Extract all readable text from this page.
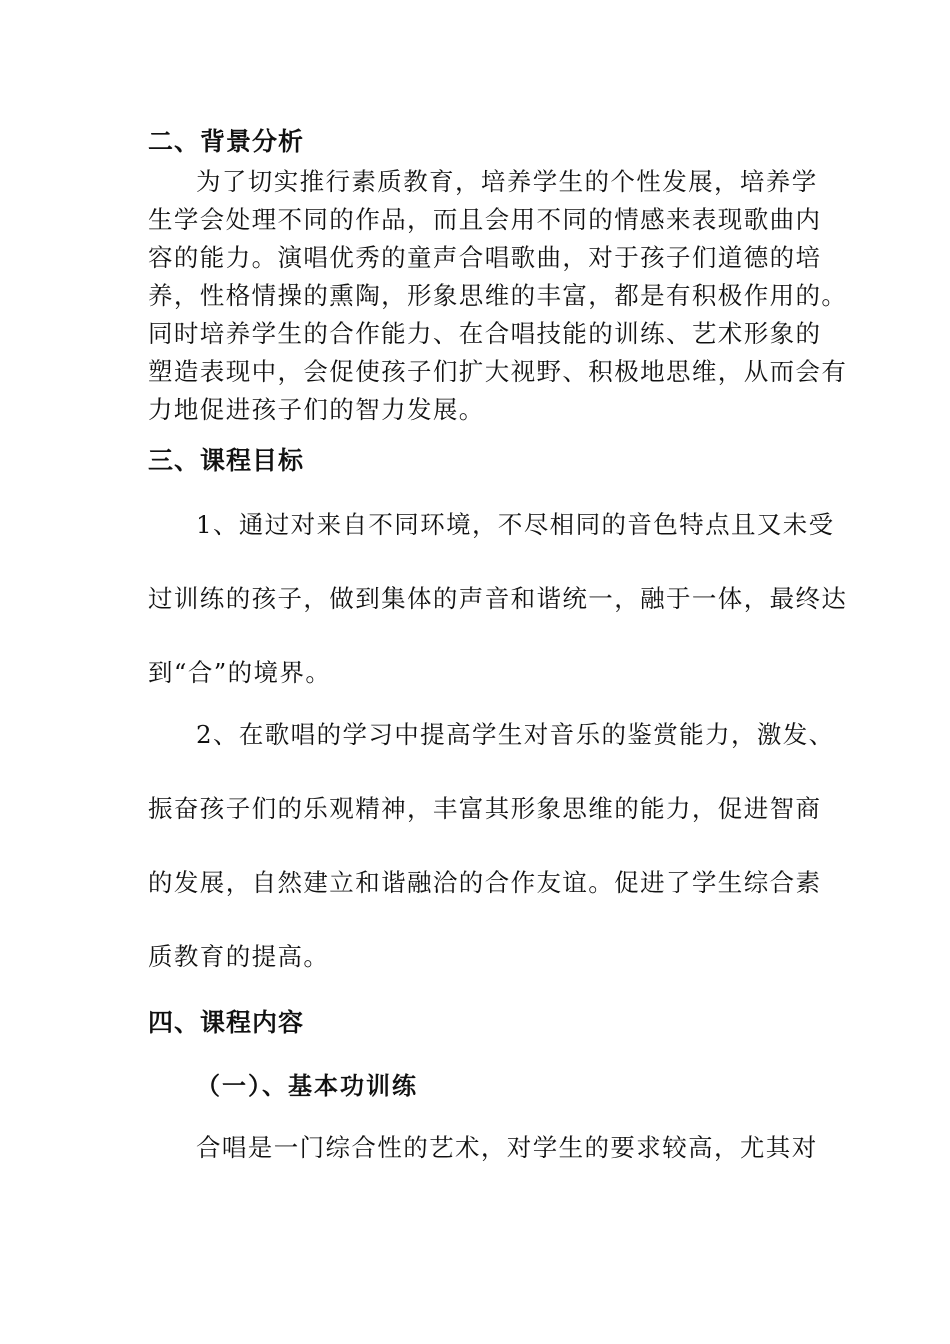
二、背景分析
为了切实推行素质教育，培养学生的个性发展，培养学
生学会处理不同的作品，而且会用不同的情感来表现歌曲内
容的能力。演唱优秀的童声合唱歌曲，对于孩子们道德的培
养，性格情操的熏陶，形象思维的丰富，都是有积极作用的。
同时培养学生的合作能力、在合唱技能的训练、艺术形象的
塑造表现中，会促使孩子们扩大视野、积极地思维，从而会有
力地促进孩子们的智力发展。
三、课程目标
1、通过对来自不同环境，不尽相同的音色特点且又未受
过训练的孩子，做到集体的声音和谐统一，融于一体，最终达
到“合”的境界。
2、在歌唱的学习中提高学生对音乐的鉴赏能力，激发、
振奋孩子们的乐观精神，丰富其形象思维的能力，促进智商
的发展，自然建立和谐融洽的合作友谊。促进了学生综合素
质教育的提高。
四、课程内容
（一）、基本功训练
合唱是一门综合性的艺术，对学生的要求较高，尤其对
